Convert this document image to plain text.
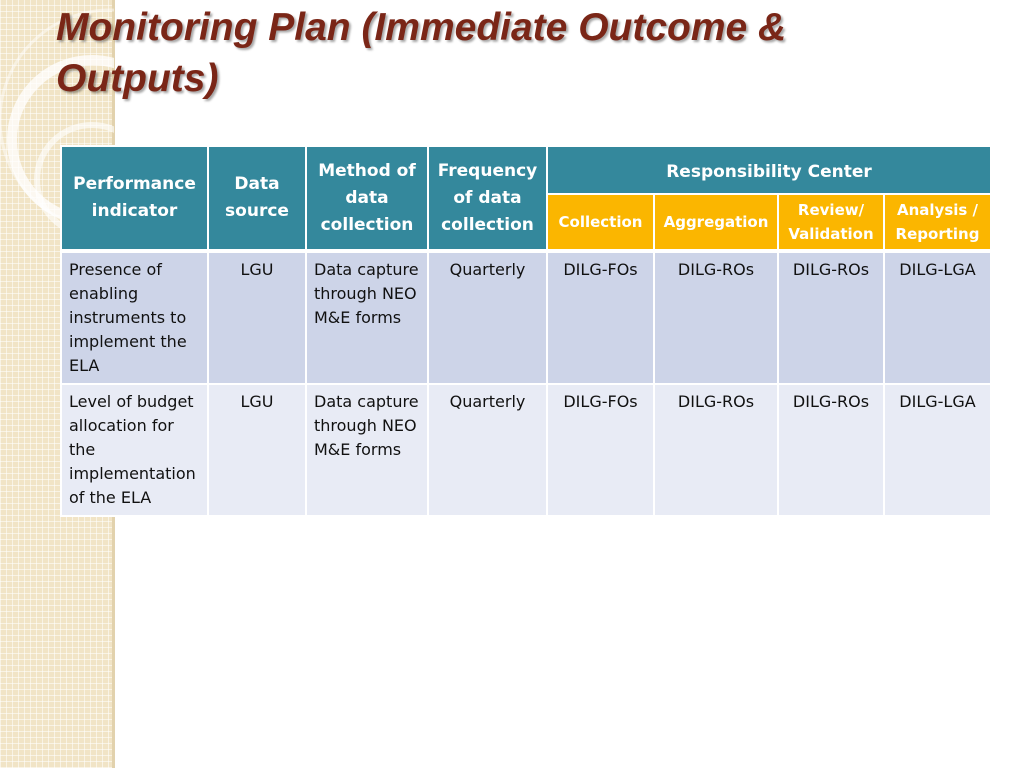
Monitoring Plan (Immediate Outcome & Outputs)
Performance indicator	Data source	Method of data collection	Frequency of data collection	Responsibility Center			
				Collection	Aggregation	Review/ Validation	Analysis / Reporting
Presence of enabling instruments to implement the ELA	LGU	Data capture through NEO M&E forms	Quarterly	DILG-FOs	DILG-ROs	DILG-ROs	DILG-LGA
Level of budget allocation for the implementation of the ELA	LGU	Data capture through NEO M&E forms	Quarterly	DILG-FOs	DILG-ROs	DILG-ROs	DILG-LGA
